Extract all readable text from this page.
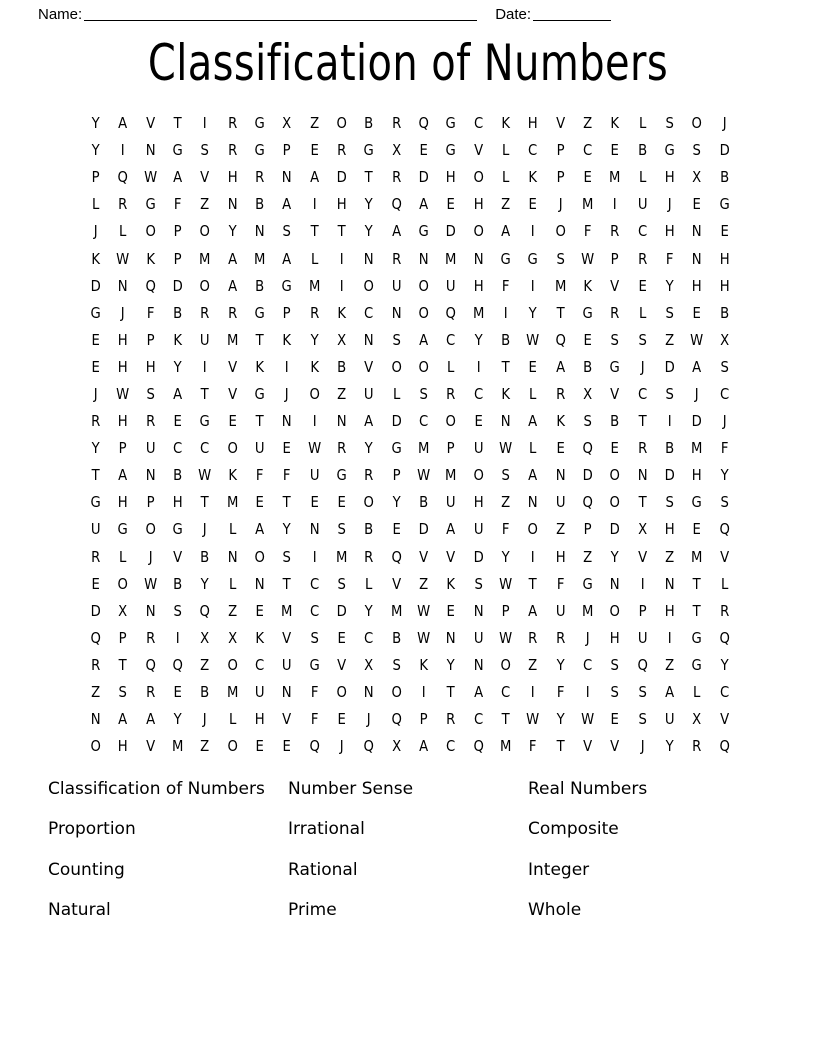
Name:	Date:
Classification of Numbers
Y	A	V	T	I	R	G	X	Z	O	B	R	Q	G	C	K	H	V	Z	K	L	S	O	J
Y	I	N	G	S	R	G	P	E	R	G	X	E	G	V	L	C	P	C	E	B	G	S	D
P	Q	W	A	V	H	R	N	A	D	T	R	D	H	O	L	K	P	E	M	L	H	X	B
L	R	G	F	Z	N	B	A	I	H	Y	Q	A	E	H	Z	E	J	M	I	U	J	E	G
J	L	O	P	O	Y	N	S	T	T	Y	A	G	D	O	A	I	O	F	R	C	H	N	E
K	W	K	P	M	A	M	A	L	I	N	R	N	M	N	G	G	S	W	P	R	F	N	H
D	N	Q	D	O	A	B	G	M	I	O	U	O	U	H	F	I	M	K	V	E	Y	H	H
G	J	F	B	R	R	G	P	R	K	C	N	O	Q	M	I	Y	T	G	R	L	S	E	B
E	H	P	K	U	M	T	K	Y	X	N	S	A	C	Y	B	W	Q	E	S	S	Z	W	X
E	H	H	Y	I	V	K	I	K	B	V	O	O	L	I	T	E	A	B	G	J	D	A	S
J	W	S	A	T	V	G	J	O	Z	U	L	S	R	C	K	L	R	X	V	C	S	J	C
R	H	R	E	G	E	T	N	I	N	A	D	C	O	E	N	A	K	S	B	T	I	D	J
Y	P	U	C	C	O	U	E	W	R	Y	G	M	P	U	W	L	E	Q	E	R	B	M	F
T	A	N	B	W	K	F	F	U	G	R	P	W	M	O	S	A	N	D	O	N	D	H	Y
G	H	P	H	T	M	E	T	E	E	O	Y	B	U	H	Z	N	U	Q	O	T	S	G	S
U	G	O	G	J	L	A	Y	N	S	B	E	D	A	U	F	O	Z	P	D	X	H	E	Q
R	L	J	V	B	N	O	S	I	M	R	Q	V	V	D	Y	I	H	Z	Y	V	Z	M	V
E	O	W	B	Y	L	N	T	C	S	L	V	Z	K	S	W	T	F	G	N	I	N	T	L
D	X	N	S	Q	Z	E	M	C	D	Y	M	W	E	N	P	A	U	M	O	P	H	T	R
Q	P	R	I	X	X	K	V	S	E	C	B	W	N	U	W	R	R	J	H	U	I	G	Q
R	T	Q	Q	Z	O	C	U	G	V	X	S	K	Y	N	O	Z	Y	C	S	Q	Z	G	Y
Z	S	R	E	B	M	U	N	F	O	N	O	I	T	A	C	I	F	I	S	S	A	L	C
N	A	A	Y	J	L	H	V	F	E	J	Q	P	R	C	T	W	Y	W	E	S	U	X	V
O	H	V	M	Z	O	E	E	Q	J	Q	X	A	C	Q	M	F	T	V	V	J	Y	R	Q
Classification of Numbers	Number Sense	Real Numbers
Proportion	Irrational	Composite
Counting	Rational	Integer
Natural	Prime	Whole
